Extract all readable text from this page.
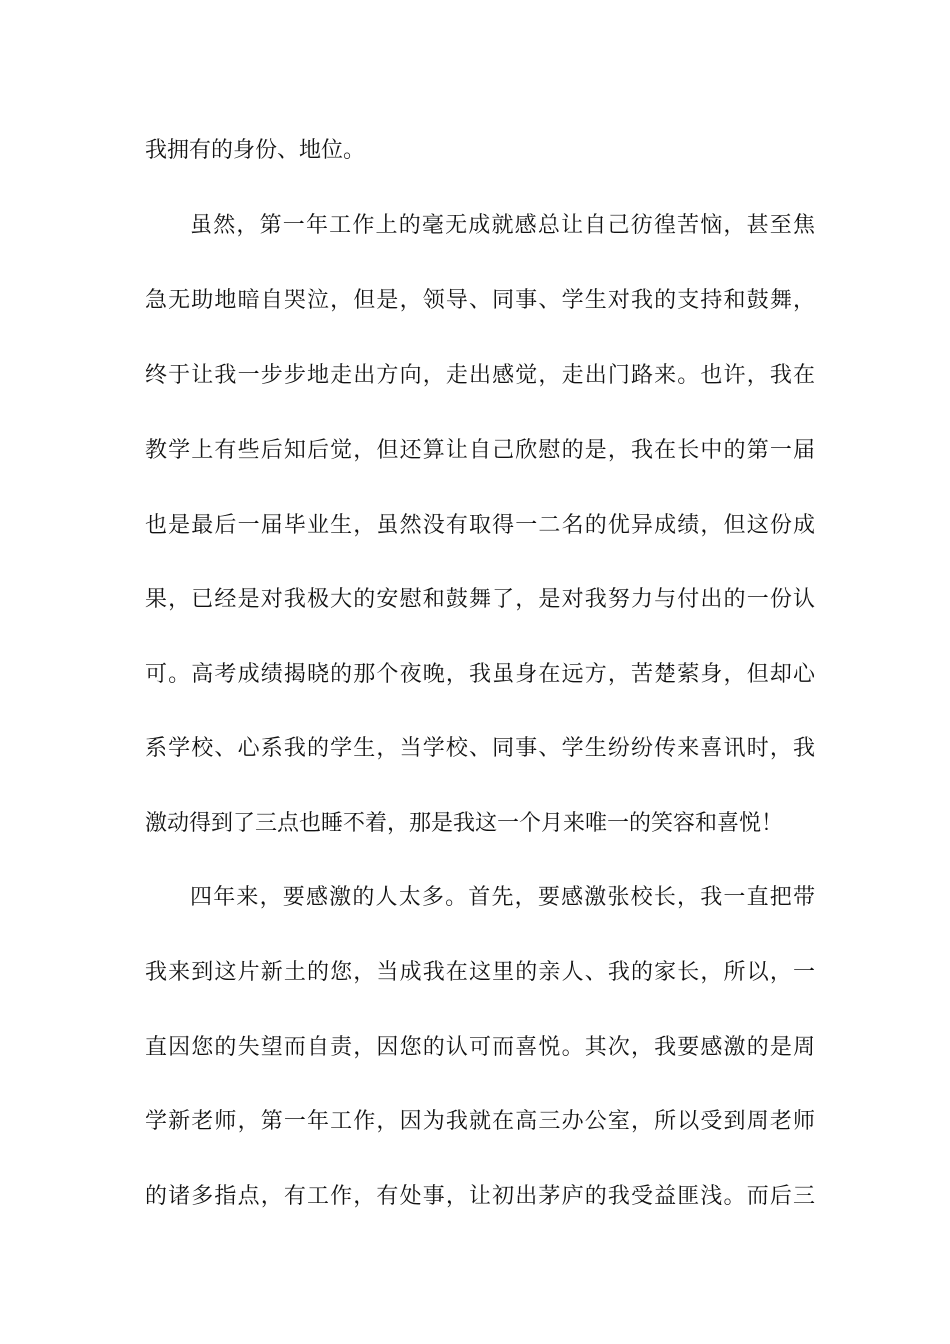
我拥有的身份、地位。
虽然，第一年工作上的毫无成就感总让自己彷徨苦恼，甚至焦
急无助地暗自哭泣，但是，领导、同事、学生对我的支持和鼓舞，
终于让我一步步地走出方向，走出感觉，走出门路来。也许，我在
教学上有些后知后觉，但还算让自己欣慰的是，我在长中的第一届
也是最后一届毕业生，虽然没有取得一二名的优异成绩，但这份成
果，已经是对我极大的安慰和鼓舞了，是对我努力与付出的一份认
可。高考成绩揭晓的那个夜晚，我虽身在远方，苦楚萦身，但却心
系学校、心系我的学生，当学校、同事、学生纷纷传来喜讯时，我
激动得到了三点也睡不着，那是我这一个月来唯一的笑容和喜悦！
四年来，要感激的人太多。首先，要感激张校长，我一直把带
我来到这片新土的您，当成我在这里的亲人、我的家长，所以，一
直因您的失望而自责，因您的认可而喜悦。其次，我要感激的是周
学新老师，第一年工作，因为我就在高三办公室，所以受到周老师
的诸多指点，有工作，有处事，让初出茅庐的我受益匪浅。而后三
